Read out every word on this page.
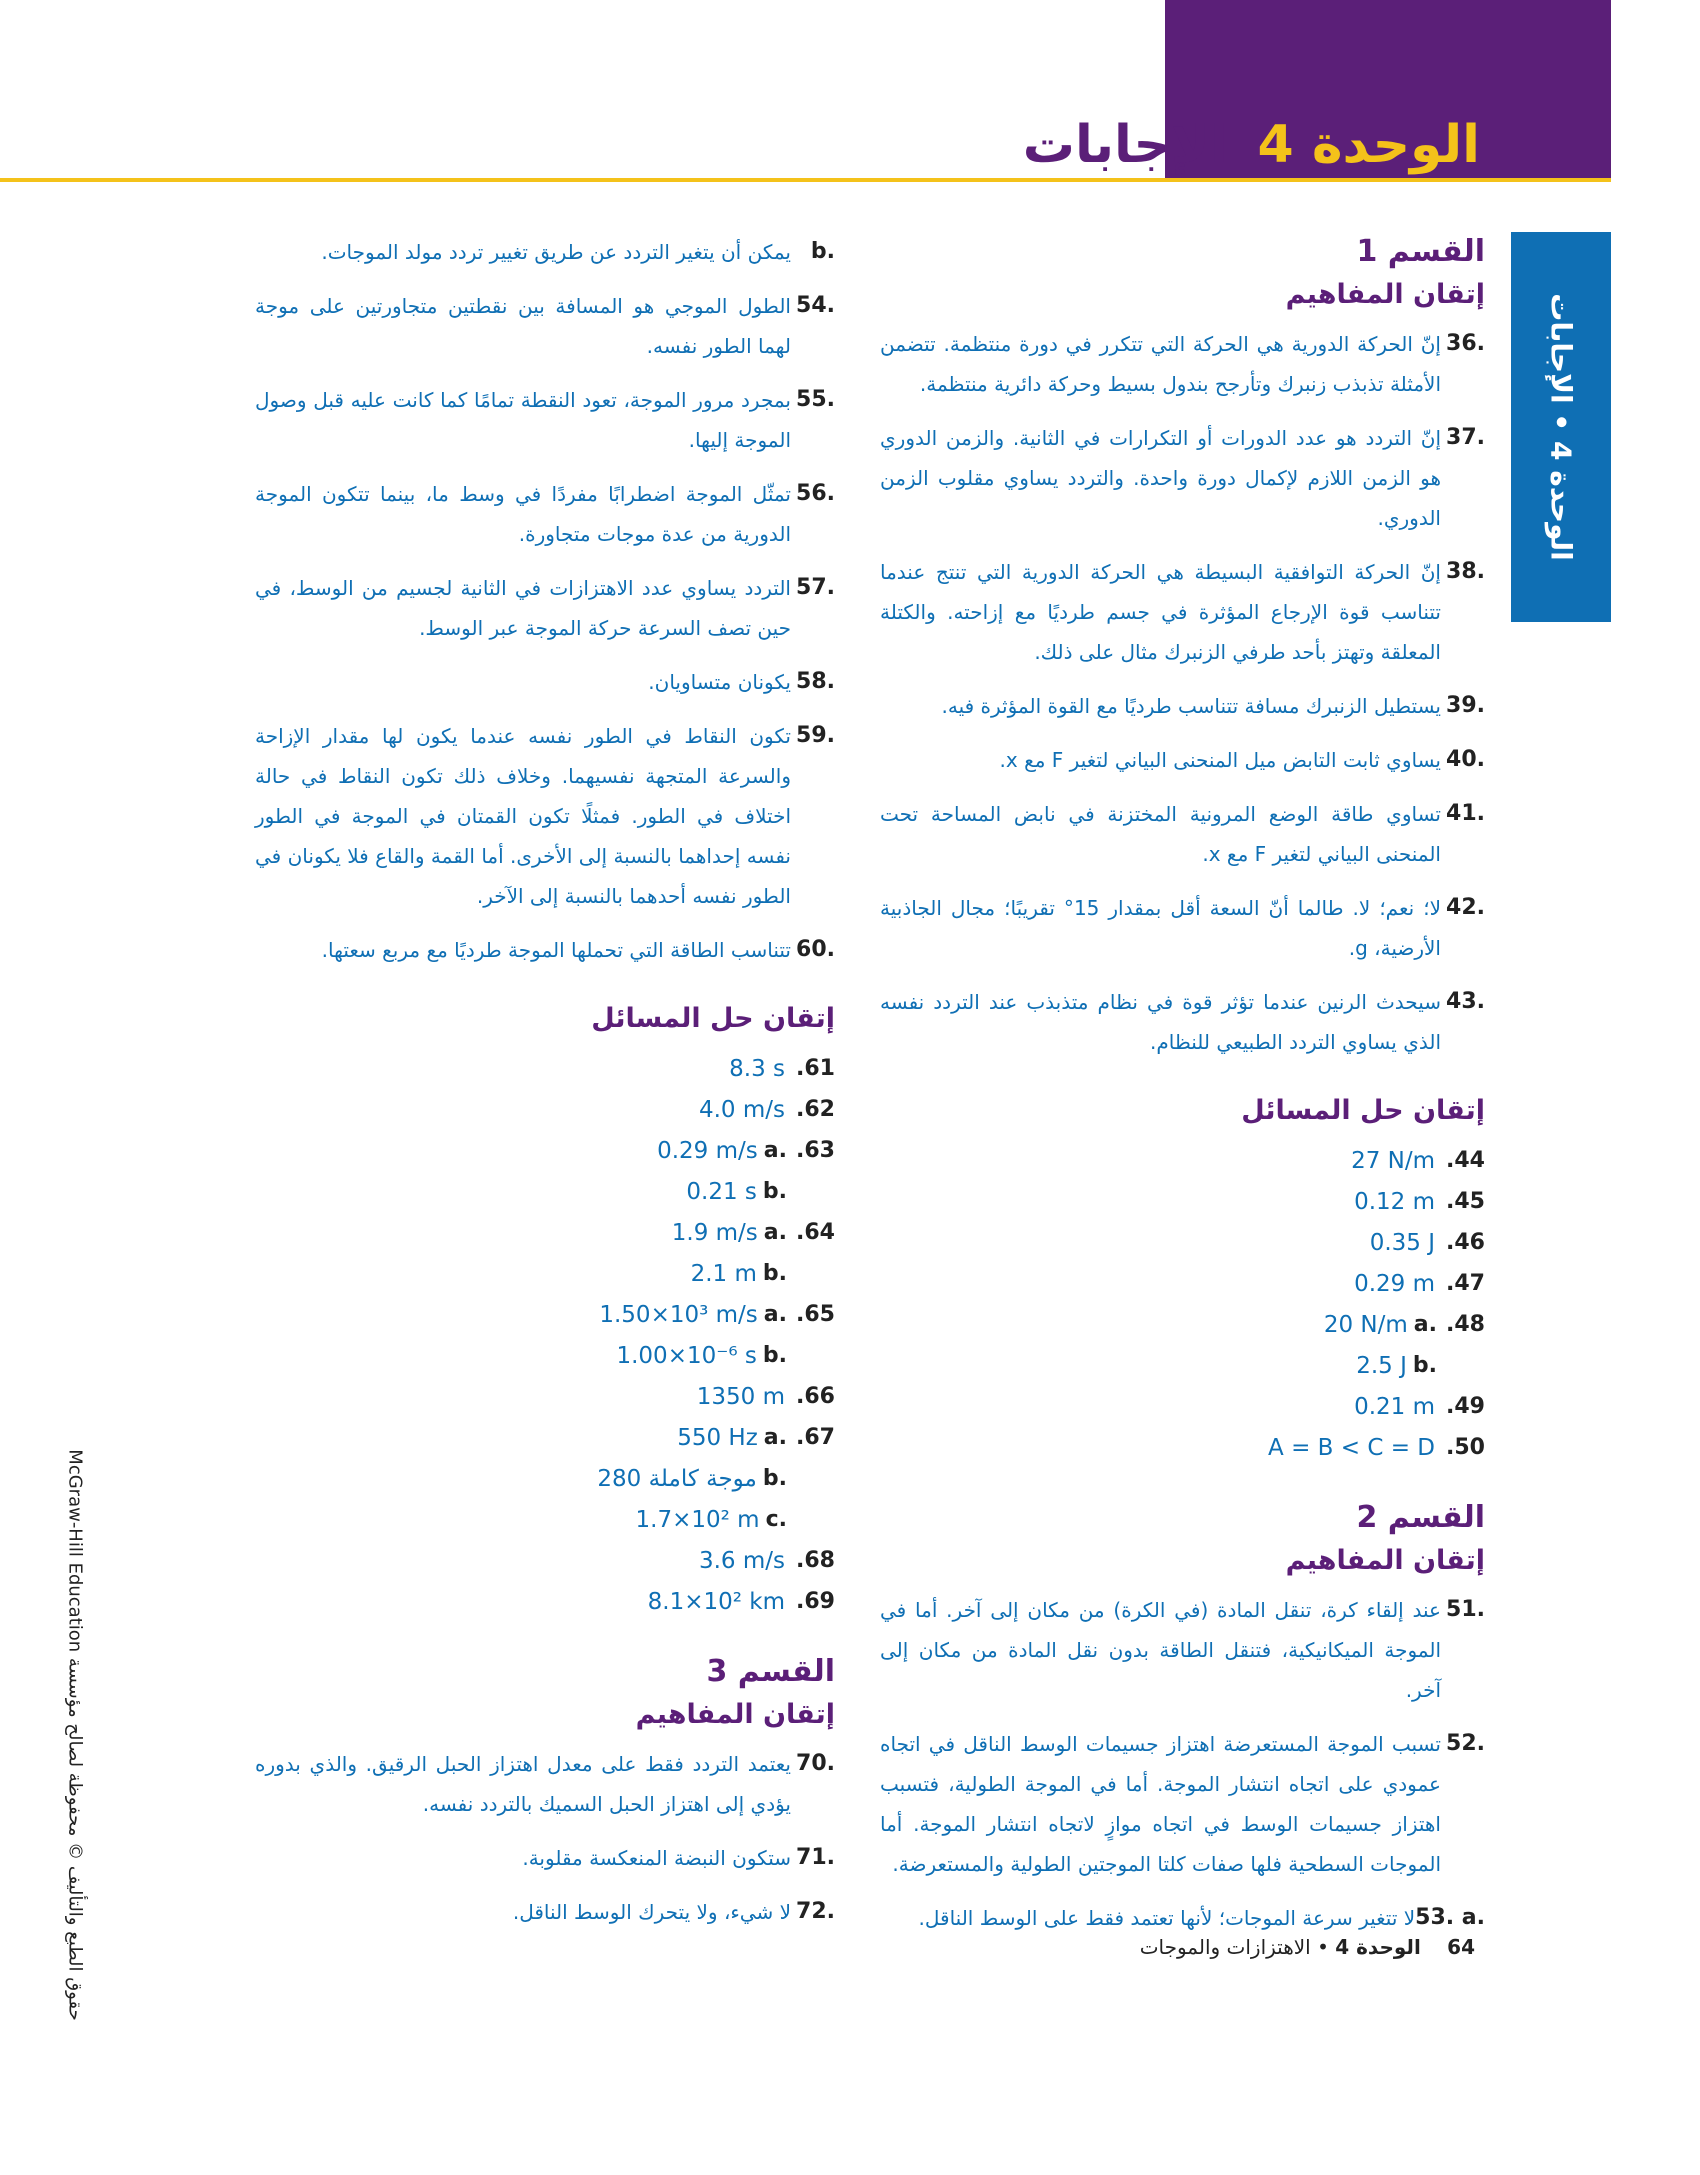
الوحدة 4الإجابات
الوحدة 4 • الإجابات
حقوق الطبع والتأليف © محفوظة لصالح مؤسسة McGraw-Hill Education
القسم 1
إتقان المفاهيم
36.
إنّ الحركة الدورية هي الحركة التي تتكرر في دورة منتظمة. تتضمن الأمثلة تذبذب زنبرك وتأرجح بندول بسيط وحركة دائرية منتظمة.
37.
إنّ التردد هو عدد الدورات أو التكرارات في الثانية. والزمن الدوري هو الزمن اللازم لإكمال دورة واحدة. والتردد يساوي مقلوب الزمن الدوري.
38.
إنّ الحركة التوافقية البسيطة هي الحركة الدورية التي تنتج عندما تتناسب قوة الإرجاع المؤثرة في جسم طرديًا مع إزاحته. والكتلة المعلقة وتهتز بأحد طرفي الزنبرك مثال على ذلك.
39.
يستطيل الزنبرك مسافة تتناسب طرديًا مع القوة المؤثرة فيه.
40.
يساوي ثابت التابض ميل المنحنى البياني لتغير F مع x.
41.
تساوي طاقة الوضع المرونية المختزنة في نابض المساحة تحت المنحنى البياني لتغير F مع x.
42.
لا؛ نعم؛ لا. طالما أنّ السعة أقل بمقدار 15° تقريبًا؛ مجال الجاذبية الأرضية، g.
43.
سيحدث الرنين عندما تؤثر قوة في نظام متذبذب عند التردد نفسه الذي يساوي التردد الطبيعي للنظام.
إتقان حل المسائل
.44
27 N/m
.45
0.12 m
.46
0.35 J
.47
0.29 m
.48
.a
20 N/m
.b
2.5 J
.49
0.21 m
.50
A = B < C = D
القسم 2
إتقان المفاهيم
51.
عند إلقاء كرة، تنقل المادة (في الكرة) من مكان إلى آخر. أما في الموجة الميكانيكية، فتنقل الطاقة بدون نقل المادة من مكان إلى آخر.
52.
تسبب الموجة المستعرضة اهتزاز جسيمات الوسط الناقل في اتجاه عمودي على اتجاه انتشار الموجة. أما في الموجة الطولية، فتسبب اهتزاز جسيمات الوسط في اتجاه موازٍ لاتجاه انتشار الموجة. أما الموجات السطحية فلها صفات كلتا الموجتين الطولية والمستعرضة.
53. a.
لا تتغير سرعة الموجات؛ لأنها تعتمد فقط على الوسط الناقل.
b.
يمكن أن يتغير التردد عن طريق تغيير تردد مولد الموجات.
54.
الطول الموجي هو المسافة بين نقطتين متجاورتين على موجة لهما الطور نفسه.
55.
بمجرد مرور الموجة، تعود النقطة تمامًا كما كانت عليه قبل وصول الموجة إليها.
56.
تمثّل الموجة اضطرابًا مفردًا في وسط ما، بينما تتكون الموجة الدورية من عدة موجات متجاورة.
57.
التردد يساوي عدد الاهتزازات في الثانية لجسيم من الوسط، في حين تصف السرعة حركة الموجة عبر الوسط.
58.
يكونان متساويان.
59.
تكون النقاط في الطور نفسه عندما يكون لها مقدار الإزاحة والسرعة المتجهة نفسيهما. وخلاف ذلك تكون النقاط في حالة اختلاف في الطور. فمثلًا تكون القمتان في الموجة في الطور نفسه إحداهما بالنسبة إلى الأخرى. أما القمة والقاع فلا يكونان في الطور نفسه أحدهما بالنسبة إلى الآخر.
60.
تتناسب الطاقة التي تحملها الموجة طرديًا مع مربع سعتها.
إتقان حل المسائل
.61
8.3 s
.62
4.0 m/s
.63
.a
0.29 m/s
.b
0.21 s
.64
.a
1.9 m/s
.b
2.1 m
.65
.a
1.50×10³ m/s
.b
1.00×10⁻⁶ s
.66
1350 m
.67
.a
550 Hz
.b
280 موجة كاملة
.c
1.7×10² m
.68
3.6 m/s
.69
8.1×10² km
القسم 3
إتقان المفاهيم
70.
يعتمد التردد فقط على معدل اهتزاز الحبل الرقيق. والذي بدوره يؤدي إلى اهتزاز الحبل السميك بالتردد نفسه.
71.
ستكون النبضة المنعكسة مقلوبة.
72.
لا شيء، ولا يتحرك الوسط الناقل.
64 الوحدة 4 • الاهتزازات والموجات
